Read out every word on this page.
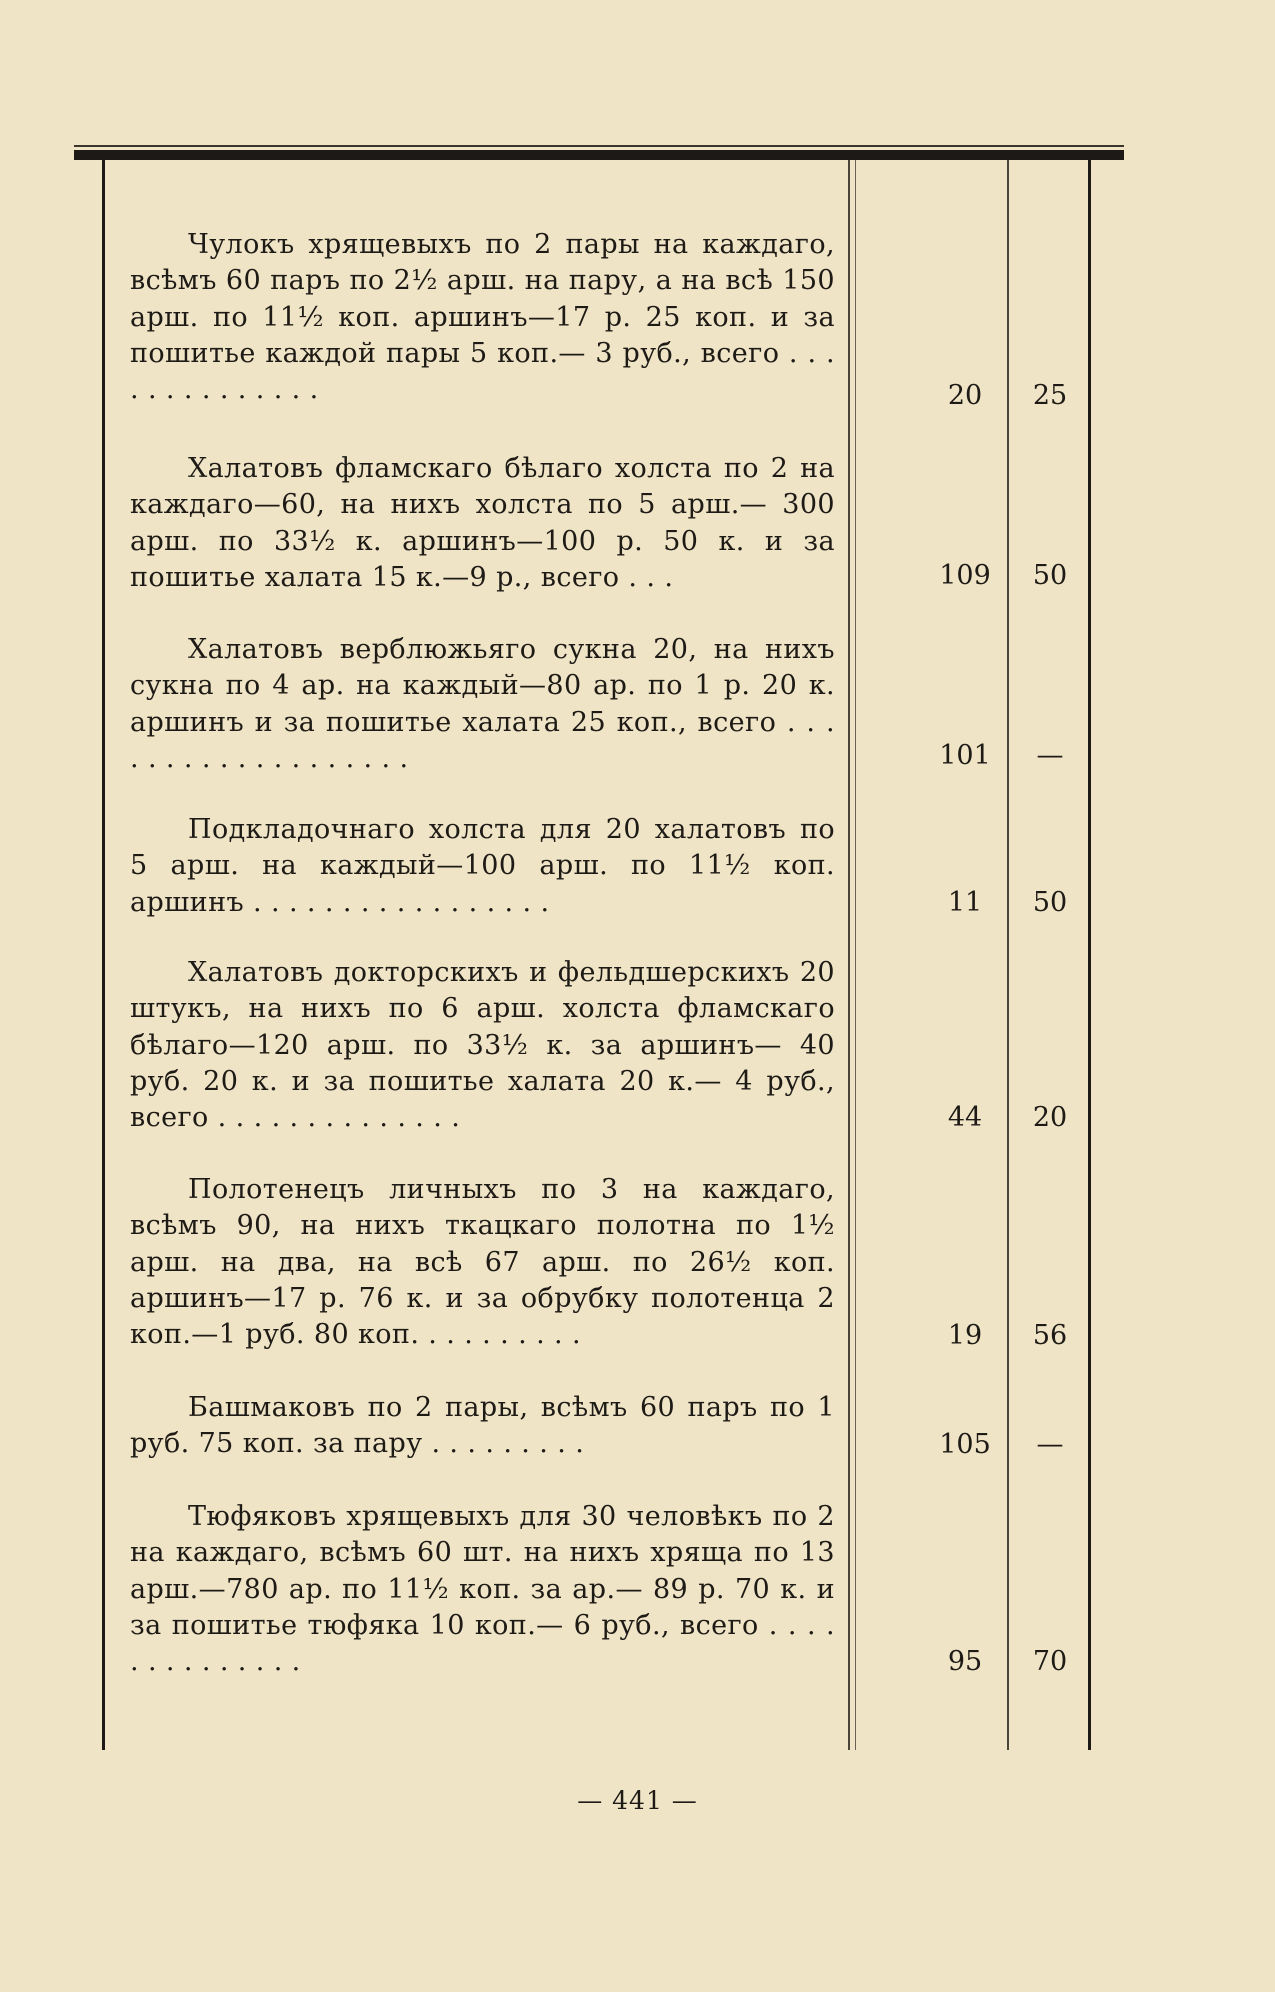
Чулокъ хрящевыхъ по 2 пары на каждаго, всѣмъ 60 паръ по 2½ арш. на пару, а на всѣ 150 арш. по 11½ коп. аршинъ—17 р. 25 коп. и за пошитье каждой пары 5 коп.— 3 руб., всего . . . . . . . . . . . . . .	20	25

Халатовъ фламскаго бѣлаго холста по 2 на каждаго—60, на нихъ холста по 5 арш.— 300 арш. по 33½ к. аршинъ—100 р. 50 к. и за пошитье халата 15 к.—9 р., всего . . .	109	50

Халатовъ верблюжьяго сукна 20, на нихъ сукна по 4 ар. на каждый—80 ар. по 1 р. 20 к. аршинъ и за пошитье халата 25 коп., всего . . . . . . . . . . . . . . . . . . .	101	—

Подкладочнаго холста для 20 халатовъ по 5 арш. на каждый—100 арш. по 11½ коп. аршинъ . . . . . . . . . . . . . . . . .	11	50

Халатовъ докторскихъ и фельдшерскихъ 20 штукъ, на нихъ по 6 арш. холста фламскаго бѣлаго—120 арш. по 33½ к. за аршинъ— 40 руб. 20 к. и за пошитье халата 20 к.— 4 руб., всего . . . . . . . . . . . . . .	44	20

Полотенецъ личныхъ по 3 на каждаго, всѣмъ 90, на нихъ ткацкаго полотна по 1½ арш. на два, на всѣ 67 арш. по 26½ коп. аршинъ—17 р. 76 к. и за обрубку полотенца 2 коп.—1 руб. 80 коп. . . . . . . . . .	19	56

Башмаковъ по 2 пары, всѣмъ 60 паръ по 1 руб. 75 коп. за пару . . . . . . . . .	105	—

Тюфяковъ хрящевыхъ для 30 человѣкъ по 2 на каждаго, всѣмъ 60 шт. на нихъ хряща по 13 арш.—780 ар. по 11½ коп. за ар.— 89 р. 70 к. и за пошитье тюфяка 10 коп.— 6 руб., всего . . . . . . . . . . . . . .	95	70
— 441 —
